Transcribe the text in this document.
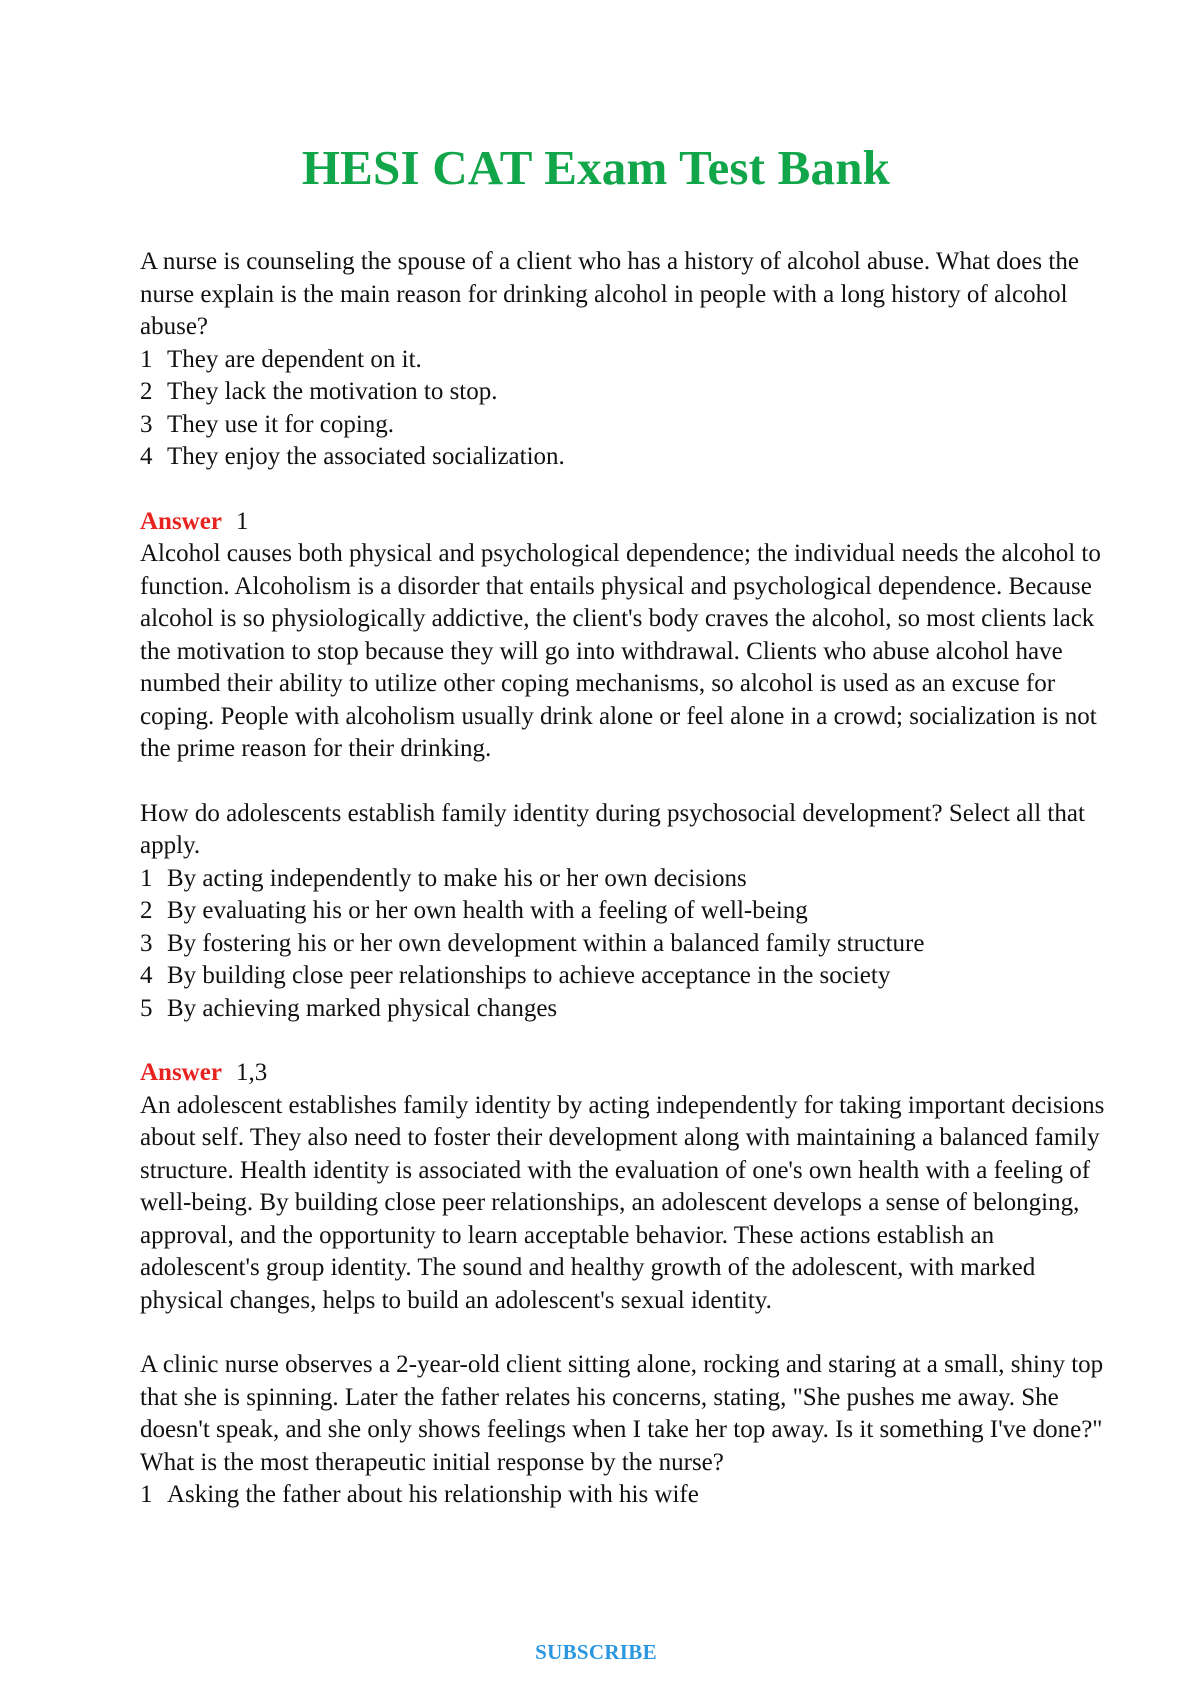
HESI CAT Exam Test Bank

A nurse is counseling the spouse of a client who has a history of alcohol abuse. What does the nurse explain is the main reason for drinking alcohol in people with a long history of alcohol abuse?

1 They are dependent on it.
2 They lack the motivation to stop.
3 They use it for coping.
4 They enjoy the associated socialization.

Answer 1

Alcohol causes both physical and psychological dependence; the individual needs the alcohol to function. Alcoholism is a disorder that entails physical and psychological dependence. Because alcohol is so physiologically addictive, the client's body craves the alcohol, so most clients lack the motivation to stop because they will go into withdrawal. Clients who abuse alcohol have numbed their ability to utilize other coping mechanisms, so alcohol is used as an excuse for coping. People with alcoholism usually drink alone or feel alone in a crowd; socialization is not the prime reason for their drinking.

How do adolescents establish family identity during psychosocial development? Select all that apply.

1 By acting independently to make his or her own decisions
2 By evaluating his or her own health with a feeling of well-being
3 By fostering his or her own development within a balanced family structure
4 By building close peer relationships to achieve acceptance in the society
5 By achieving marked physical changes

Answer 1,3

An adolescent establishes family identity by acting independently for taking important decisions about self. They also need to foster their development along with maintaining a balanced family structure. Health identity is associated with the evaluation of one's own health with a feeling of well-being. By building close peer relationships, an adolescent develops a sense of belonging, approval, and the opportunity to learn acceptable behavior. These actions establish an adolescent's group identity. The sound and healthy growth of the adolescent, with marked physical changes, helps to build an adolescent's sexual identity.

A clinic nurse observes a 2-year-old client sitting alone, rocking and staring at a small, shiny top that she is spinning. Later the father relates his concerns, stating, "She pushes me away. She doesn't speak, and she only shows feelings when I take her top away. Is it something I've done?" What is the most therapeutic initial response by the nurse?

1 Asking the father about his relationship with his wife
SUBSCRIBE
